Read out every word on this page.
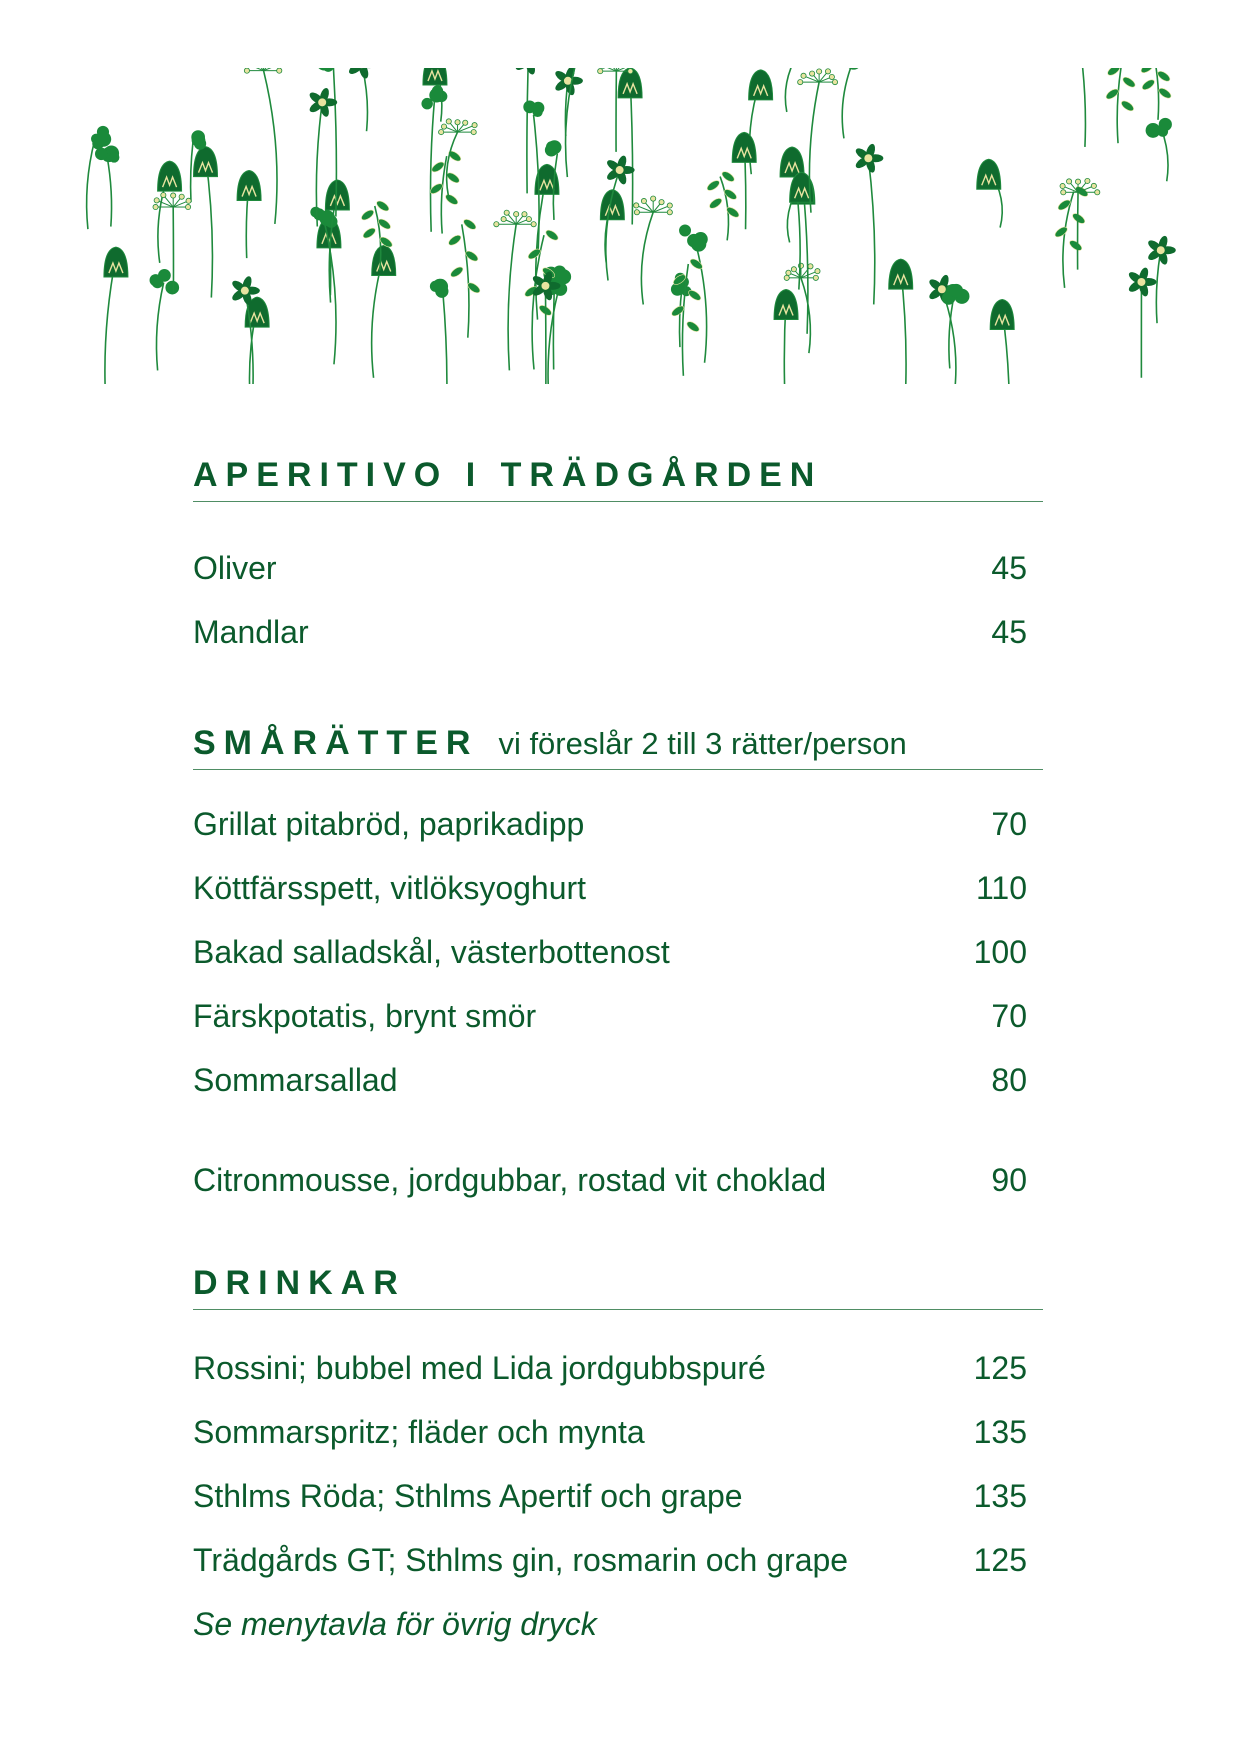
APERITIVO I TRÄDGÅRDEN
Oliver	45
Mandlar	45
SMÅRÄTTER vi föreslår 2 till 3 rätter/person
Grillat pitabröd, paprikadipp	70
Köttfärsspett, vitlöksyoghurt	110
Bakad salladskål, västerbottenost	100
Färskpotatis, brynt smör	70
Sommarsallad	80
Citronmousse, jordgubbar, rostad vit choklad	90
DRINKAR
Rossini; bubbel med Lida jordgubbspuré	125
Sommarspritz; fläder och mynta	135
Sthlms Röda; Sthlms Apertif och grape	135
Trädgårds GT; Sthlms gin, rosmarin och grape	125
Se menytavla för övrig dryck
